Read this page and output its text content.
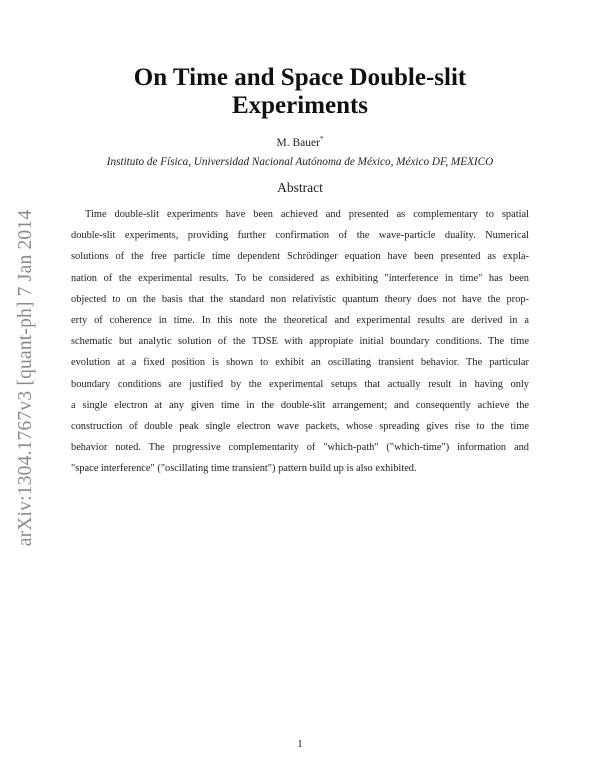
arXiv:1304.1767v3 [quant-ph] 7 Jan 2014
On Time and Space Double-slit
Experiments
M. Bauer*
Instituto de Física, Universidad Nacional Autónoma de México, México DF, MEXICO
Abstract
Time double-slit experiments have been achieved and presented as complementary to spatial
double-slit experiments, providing further confirmation of the wave-particle duality. Numerical
solutions of the free particle time dependent Schrödinger equation have been presented as expla-
nation of the experimental results. To be considered as exhibiting "interference in time" has been
objected to on the basis that the standard non relativistic quantum theory does not have the prop-
erty of coherence in time. In this note the theoretical and experimental results are derived in a
schematic but analytic solution of the TDSE with appropiate initial boundary conditions. The time
evolution at a fixed position is shown to exhibit an oscillating transient behavior. The particular
boundary conditions are justified by the experimental setups that actually result in having only
a single electron at any given time in the double-slit arrangement; and consequently achieve the
construction of double peak single electron wave packets, whose spreading gives rise to the time
behavior noted. The progressive complementarity of "which-path" ("which-time") information and
"space interference" ("oscillating time transient") pattern build up is also exhibited.
1
